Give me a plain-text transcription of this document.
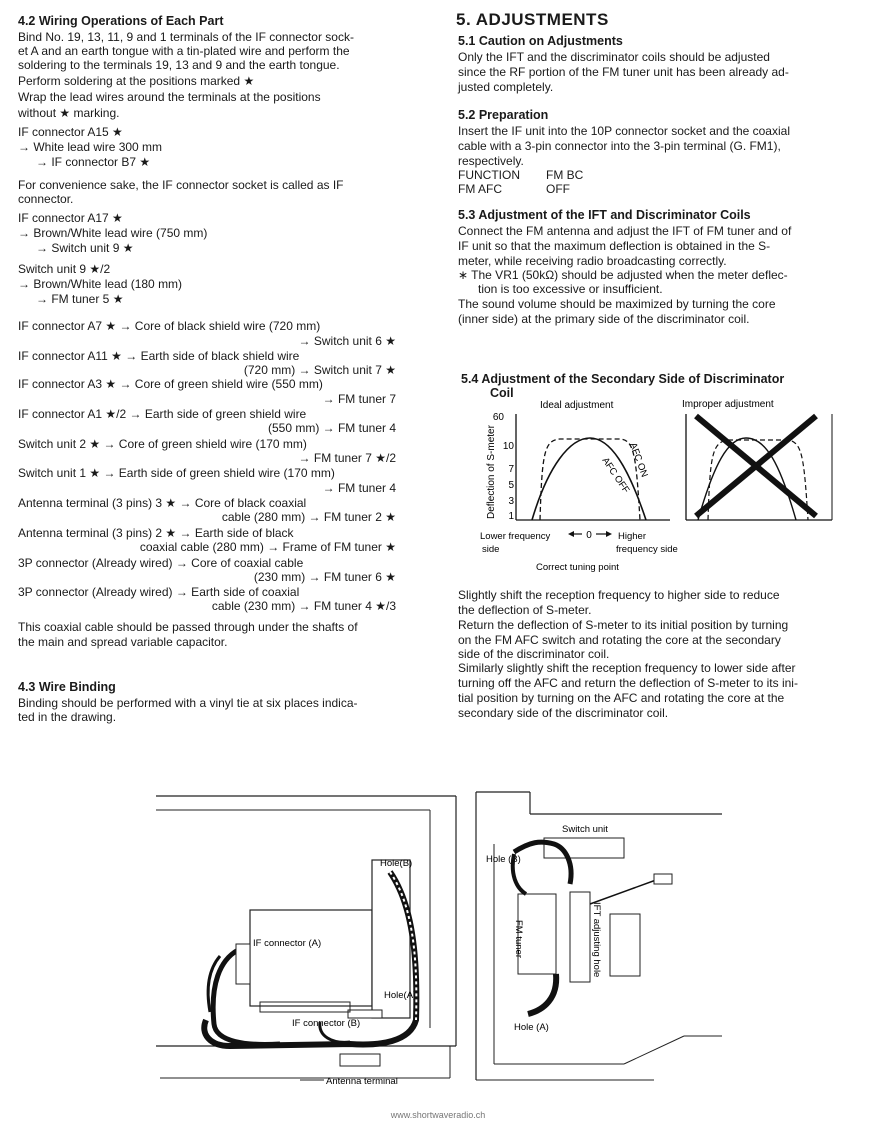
4.2 Wiring Operations of Each Part
Bind No. 19, 13, 11, 9 and 1 terminals of the IF connector sock-
et A and an earth tongue with a tin-plated wire and perform the
soldering to the terminals 19, 13 and 9 and the earth tongue.
Perform soldering at the positions marked ★
Wrap the lead wires around the terminals at the positions
without ★ marking.
IF connector A15 ★
→ White lead wire 300 mm
→ IF connector B7 ★
For convenience sake, the IF connector socket is called as IF
connector.
IF connector A17 ★
→ Brown/White lead wire (750 mm)
→ Switch unit 9 ★
Switch unit 9 ★/2
→ Brown/White lead (180 mm)
→ FM tuner 5 ★
IF connector A7 ★ → Core of black shield wire (720 mm)
→ Switch unit 6 ★
IF connector A11 ★ → Earth side of black shield wire
(720 mm) → Switch unit 7 ★
IF connector A3 ★ → Core of green shield wire (550 mm)
→ FM tuner 7
IF connector A1 ★/2 → Earth side of green shield wire
(550 mm) → FM tuner 4
Switch unit 2 ★ → Core of green shield wire (170 mm)
→ FM tuner 7 ★/2
Switch unit 1 ★ → Earth side of green shield wire (170 mm)
→ FM tuner 4
Antenna terminal (3 pins) 3 ★ → Core of black coaxial
cable (280 mm) → FM tuner 2 ★
Antenna terminal (3 pins) 2 ★ → Earth side of black
coaxial cable (280 mm) → Frame of FM tuner ★
3P connector (Already wired) → Core of coaxial cable
(230 mm) → FM tuner 6 ★
3P connector (Already wired) → Earth side of coaxial
cable (230 mm) → FM tuner 4 ★/3
This coaxial cable should be passed through under the shafts of
the main and spread variable capacitor.
4.3 Wire Binding
Binding should be performed with a vinyl tie at six places indica-
ted in the drawing.
5. ADJUSTMENTS
5.1 Caution on Adjustments
Only the IFT and the discriminator coils should be adjusted
since the RF portion of the FM tuner unit has been already ad-
justed completely.
5.2 Preparation
Insert the IF unit into the 10P connector socket and the coaxial
cable with a 3-pin connector into the 3-pin terminal (G. FM1),
respectively.
FUNCTION FM BC
FM AFC	OFF
5.3 Adjustment of the IFT and Discriminator Coils
Connect the FM antenna and adjust the IFT of FM tuner and of
IF unit so that the maximum deflection is obtained in the S-
meter, while receiving radio broadcasting correctly.
∗ The VR1 (50kΩ) should be adjusted when the meter deflec-
tion is too excessive or insufficient.
The sound volume should be maximized by turning the core
(inner side) at the primary side of the discriminator coil.
5.4 Adjustment of the Secondary Side of Discriminator
Coil
Slightly shift the reception frequency to higher side to reduce
the deflection of S-meter.
Return the deflection of S-meter to its initial position by turning
on the FM AFC switch and rotating the core at the secondary
side of the discriminator coil.
Similarly slightly shift the reception frequency to lower side after
turning off the AFC and return the deflection of S-meter to its ini-
tial position by turning on the AFC and rotating the core at the
secondary side of the discriminator coil.
Ideal adjustment	Improper adjustment
Deflection of S-meter
60
10
7
5
3
1
AFC ON
AFC OFF
Lower frequency
side
0	Higher
frequency side
Correct tuning point
IF connector (A)
Hole(B)
Hole(A)
IF connector (B)
Antenna terminal
Switch unit
Hole (B)
FM tuner	IFT adjusting hole
Hole (A)
www.shortwaveradio.ch
